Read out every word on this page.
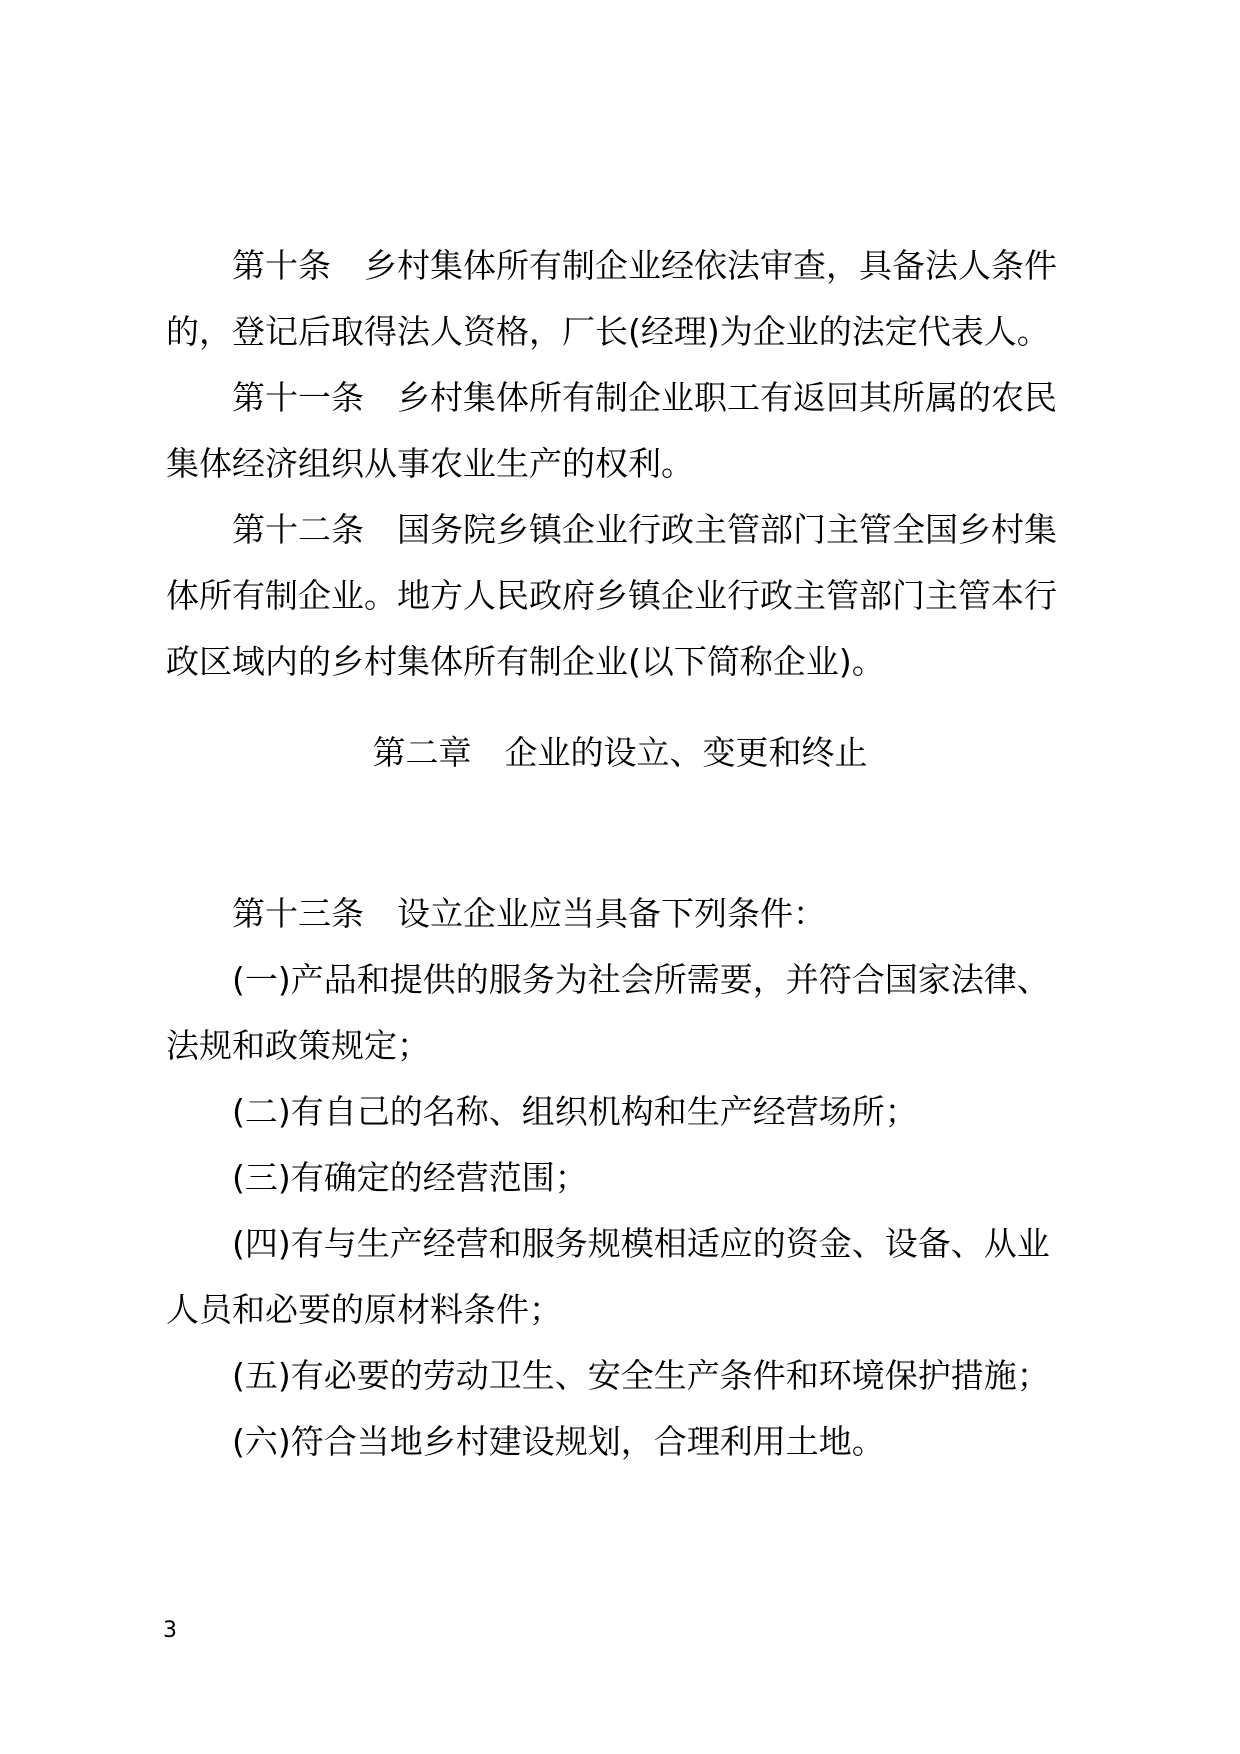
第十条 乡村集体所有制企业经依法审查，具备法人条件

的，登记后取得法人资格，厂长(经理)为企业的法定代表人。

第十一条 乡村集体所有制企业职工有返回其所属的农民

集体经济组织从事农业生产的权利。

第十二条 国务院乡镇企业行政主管部门主管全国乡村集

体所有制企业。地方人民政府乡镇企业行政主管部门主管本行

政区域内的乡村集体所有制企业(以下简称企业)。

第二章 企业的设立、变更和终止

第十三条 设立企业应当具备下列条件：

(一)产品和提供的服务为社会所需要，并符合国家法律、

法规和政策规定；

(二)有自己的名称、组织机构和生产经营场所；

(三)有确定的经营范围；

(四)有与生产经营和服务规模相适应的资金、设备、从业

人员和必要的原材料条件；

(五)有必要的劳动卫生、安全生产条件和环境保护措施；

(六)符合当地乡村建设规划，合理利用土地。

3
